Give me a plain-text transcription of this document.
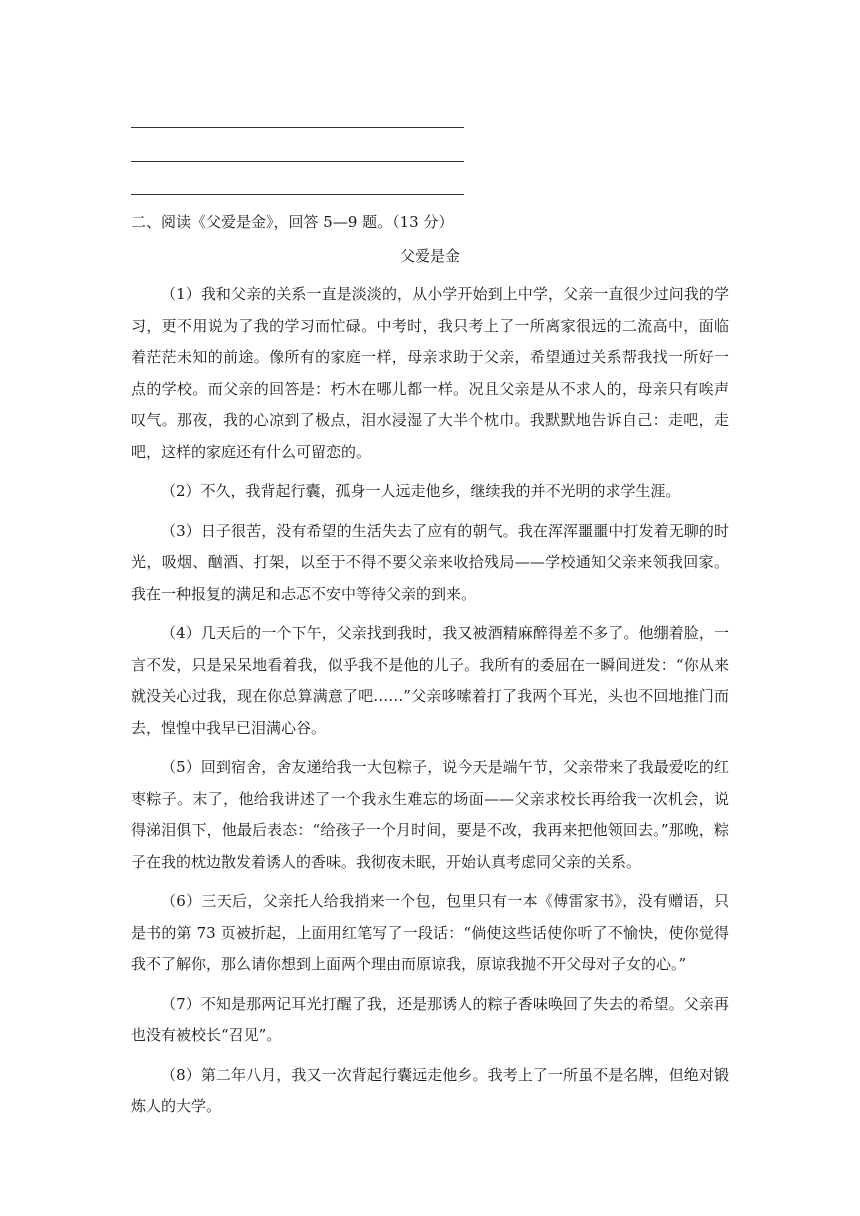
二、阅读《父爱是金》，回答 5—9 题。（13 分）
父爱是金

（1）我和父亲的关系一直是淡淡的，从小学开始到上中学，父亲一直很少过问我的学习，更不用说为了我的学习而忙碌。中考时，我只考上了一所离家很远的二流高中，面临着茫茫未知的前途。像所有的家庭一样，母亲求助于父亲，希望通过关系帮我找一所好一点的学校。而父亲的回答是：朽木在哪儿都一样。况且父亲是从不求人的，母亲只有唉声叹气。那夜，我的心凉到了极点，泪水浸湿了大半个枕巾。我默默地告诉自己：走吧，走吧，这样的家庭还有什么可留恋的。

（2）不久，我背起行囊，孤身一人远走他乡，继续我的并不光明的求学生涯。

（3）日子很苦，没有希望的生活失去了应有的朝气。我在浑浑噩噩中打发着无聊的时光，吸烟、酗酒、打架，以至于不得不要父亲来收拾残局——学校通知父亲来领我回家。我在一种报复的满足和忐忑不安中等待父亲的到来。

（4）几天后的一个下午，父亲找到我时，我又被酒精麻醉得差不多了。他绷着脸，一言不发，只是呆呆地看着我，似乎我不是他的儿子。我所有的委屈在一瞬间迸发：“你从来就没关心过我，现在你总算满意了吧……”父亲哆嗦着打了我两个耳光，头也不回地推门而去，惶惶中我早已泪满心谷。

（5）回到宿舍，舍友递给我一大包粽子，说今天是端午节，父亲带来了我最爱吃的红枣粽子。末了，他给我讲述了一个我永生难忘的场面——父亲求校长再给我一次机会，说得涕泪俱下，他最后表态：“给孩子一个月时间，要是不改，我再来把他领回去。”那晚，粽子在我的枕边散发着诱人的香味。我彻夜未眠，开始认真考虑同父亲的关系。

（6）三天后，父亲托人给我捎来一个包，包里只有一本《傅雷家书》，没有赠语，只是书的第 73 页被折起，上面用红笔写了一段话：“倘使这些话使你听了不愉快，使你觉得我不了解你，那么请你想到上面两个理由而原谅我，原谅我抛不开父母对子女的心。”

（7）不知是那两记耳光打醒了我，还是那诱人的粽子香味唤回了失去的希望。父亲再也没有被校长“召见”。

（8）第二年八月，我又一次背起行囊远走他乡。我考上了一所虽不是名牌，但绝对锻炼人的大学。
